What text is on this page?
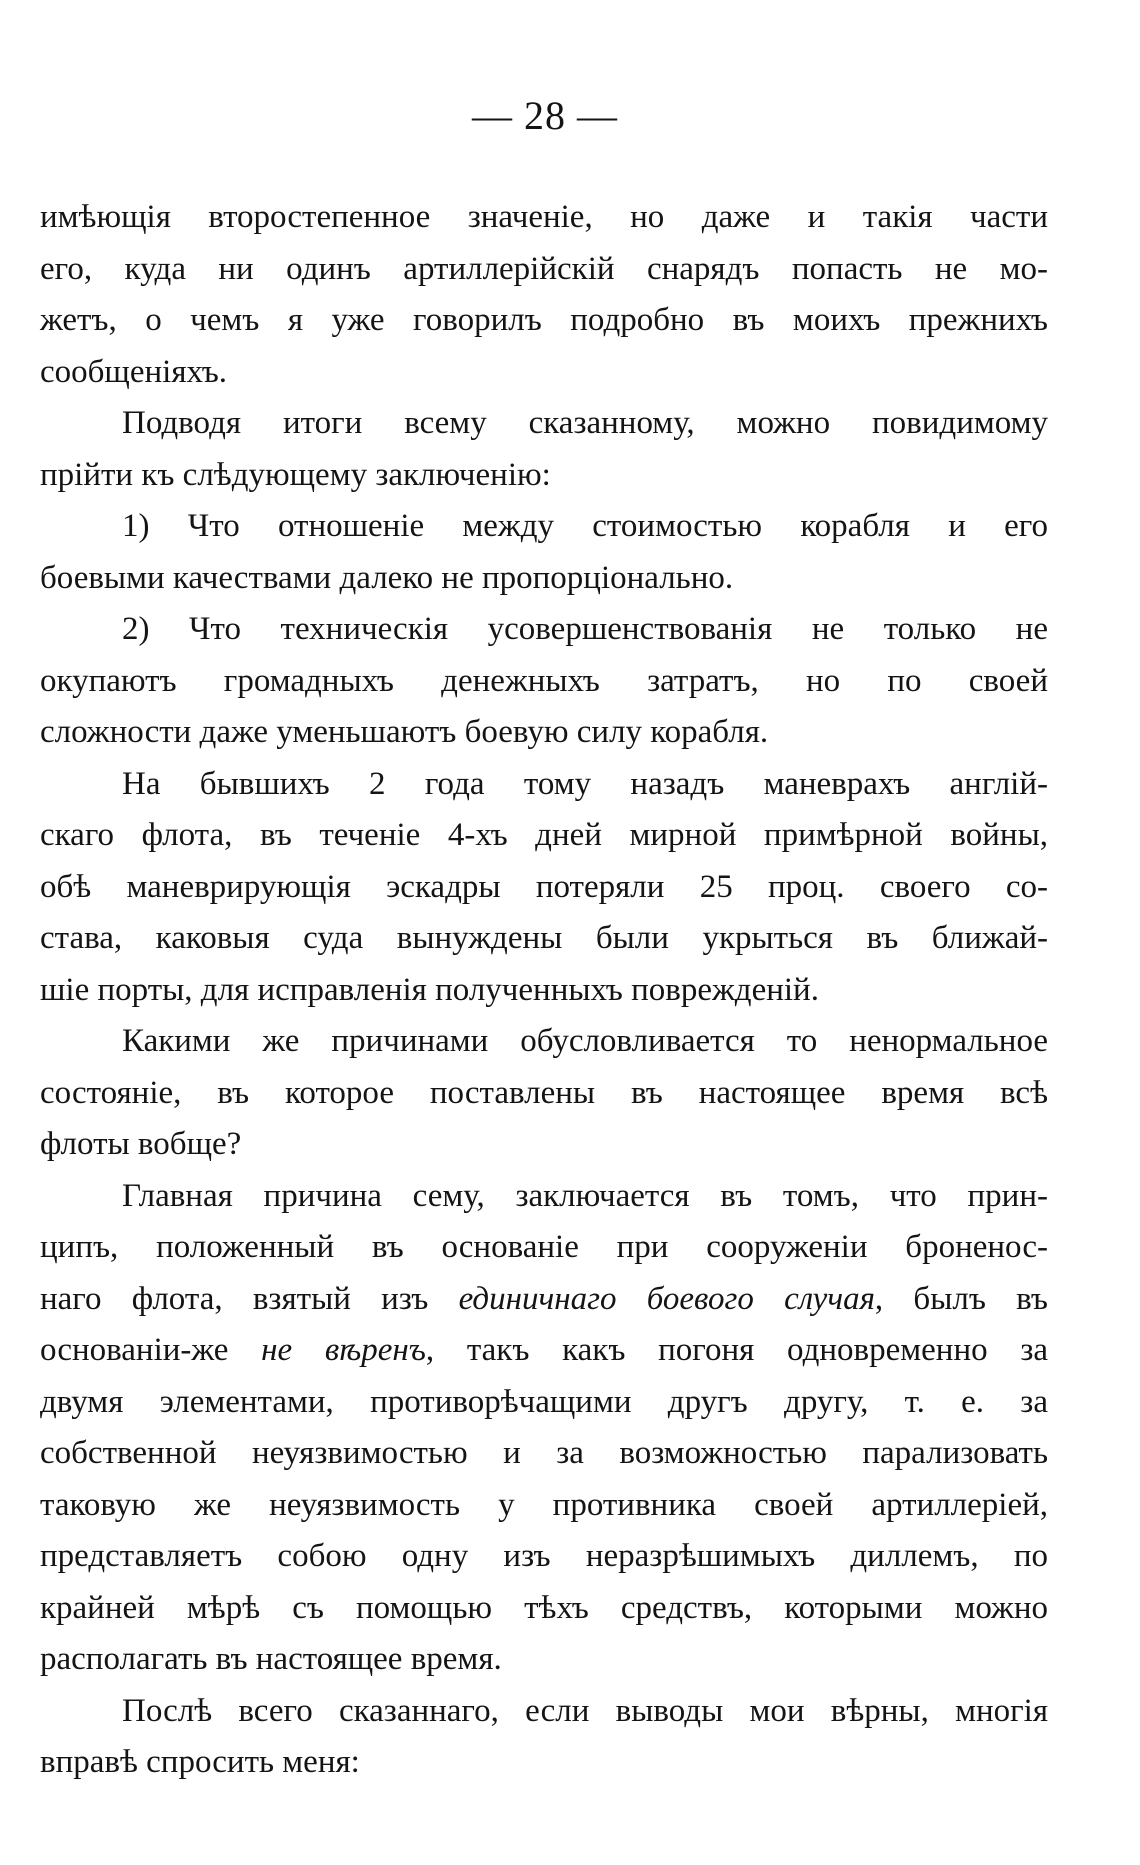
— 28 —
имѣющія второстепенное значеніе, но даже и такія части
его, куда ни одинъ артиллерійскій снарядъ попасть не мо-
жетъ, о чемъ я уже говорилъ подробно въ моихъ прежнихъ
сообщеніяхъ.
Подводя итоги всему сказанному, можно повидимому
прійти къ слѣдующему заключенію:
1) Что отношеніе между стоимостью корабля и его
боевыми качествами далеко не пропорціонально.
2) Что техническія усовершенствованія не только не
окупаютъ громадныхъ денежныхъ затратъ, но по своей
сложности даже уменьшаютъ боевую силу корабля.
На бывшихъ 2 года тому назадъ маневрахъ англій-
скаго флота, въ теченіе 4-хъ дней мирной примѣрной войны,
обѣ маневрирующія эскадры потеряли 25 проц. своего со-
става, каковыя суда вынуждены были укрыться въ ближай-
шіе порты, для исправленія полученныхъ поврежденій.
Какими же причинами обусловливается то ненормальное
состояніе, въ которое поставлены въ настоящее время всѣ
флоты вобще?
Главная причина сему, заключается въ томъ, что прин-
ципъ, положенный въ основаніе при сооруженіи броненос-
наго флота, взятый изъ единичнаго боевого случая, былъ въ
основаніи-же не вѣренъ, такъ какъ погоня одновременно за
двумя элементами, противорѣчащими другъ другу, т. е. за
собственной неуязвимостью и за возможностью парализовать
таковую же неуязвимость у противника своей артиллеріей,
представляетъ собою одну изъ неразрѣшимыхъ диллемъ, по
крайней мѣрѣ съ помощью тѣхъ средствъ, которыми можно
располагать въ настоящее время.
Послѣ всего сказаннаго, если выводы мои вѣрны, многія
вправѣ спросить меня:
